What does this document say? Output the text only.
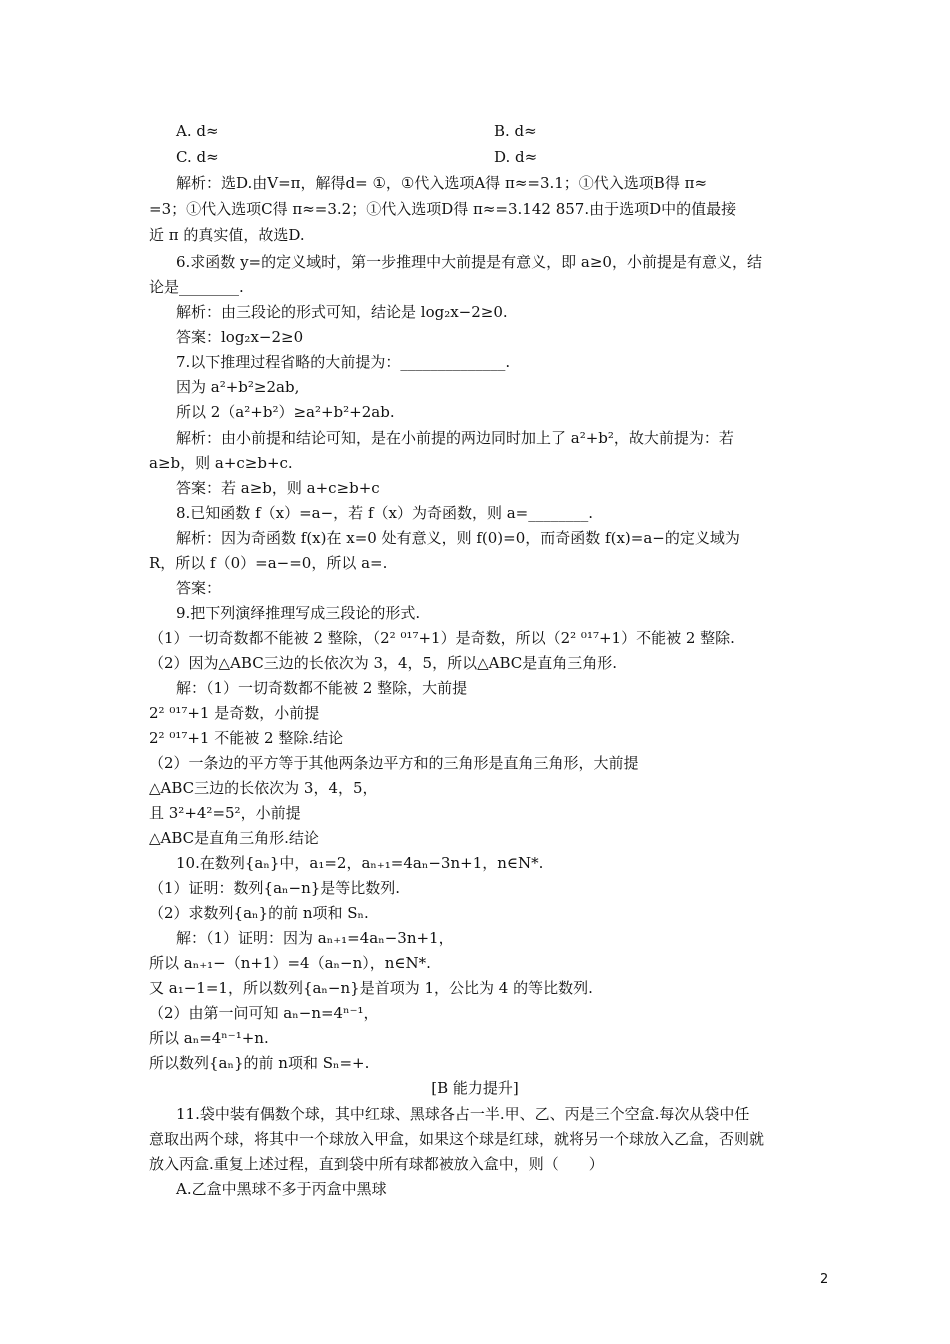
A. d≈	B. d≈
C. d≈	D. d≈
解析：选D.由V=π，解得d= ①，①代入选项A得 π≈=3.1；①代入选项B得 π≈
=3；①代入选项C得 π≈=3.2；①代入选项D得 π≈=3.142 857.由于选项D中的值最接
近 π 的真实值，故选D.
6.求函数 y=的定义域时，第一步推理中大前提是有意义，即 a≥0，小前提是有意义，结
论是________.
解析：由三段论的形式可知，结论是 log₂x−2≥0.
答案：log₂x−2≥0
7.以下推理过程省略的大前提为：______________.
因为 a²+b²≥2ab,
所以 2（a²+b²）≥a²+b²+2ab.
解析：由小前提和结论可知，是在小前提的两边同时加上了 a²+b²，故大前提为：若
a≥b，则 a+c≥b+c.
答案：若 a≥b，则 a+c≥b+c
8.已知函数 f（x）=a−，若 f（x）为奇函数，则 a=________.
解析：因为奇函数 f(x)在 x=0 处有意义，则 f(0)=0，而奇函数 f(x)=a−的定义域为
R，所以 f（0）=a−=0，所以 a=.
答案：
9.把下列演绎推理写成三段论的形式.
（1）一切奇数都不能被 2 整除，（2² ⁰¹⁷+1）是奇数，所以（2² ⁰¹⁷+1）不能被 2 整除.
（2）因为△ABC三边的长依次为 3，4，5，所以△ABC是直角三角形.
解：（1）一切奇数都不能被 2 整除，大前提
2² ⁰¹⁷+1 是奇数，小前提
2² ⁰¹⁷+1 不能被 2 整除.结论
（2）一条边的平方等于其他两条边平方和的三角形是直角三角形，大前提
△ABC三边的长依次为 3，4，5，
且 3²+4²=5²，小前提
△ABC是直角三角形.结论
10.在数列{aₙ}中，a₁=2，aₙ₊₁=4aₙ−3n+1，n∈N*.
（1）证明：数列{aₙ−n}是等比数列.
（2）求数列{aₙ}的前 n项和 Sₙ.
解：（1）证明：因为 aₙ₊₁=4aₙ−3n+1，
所以 aₙ₊₁−（n+1）=4（aₙ−n），n∈N*.
又 a₁−1=1，所以数列{aₙ−n}是首项为 1，公比为 4 的等比数列.
（2）由第一问可知 aₙ−n=4ⁿ⁻¹，
所以 aₙ=4ⁿ⁻¹+n.
所以数列{aₙ}的前 n项和 Sₙ=+.
[B 能力提升]
11.袋中装有偶数个球，其中红球、黑球各占一半.甲、乙、丙是三个空盒.每次从袋中任
意取出两个球，将其中一个球放入甲盒，如果这个球是红球，就将另一个球放入乙盒，否则就
放入丙盒.重复上述过程，直到袋中所有球都被放入盒中，则（　　）
A.乙盒中黑球不多于丙盒中黑球
2
